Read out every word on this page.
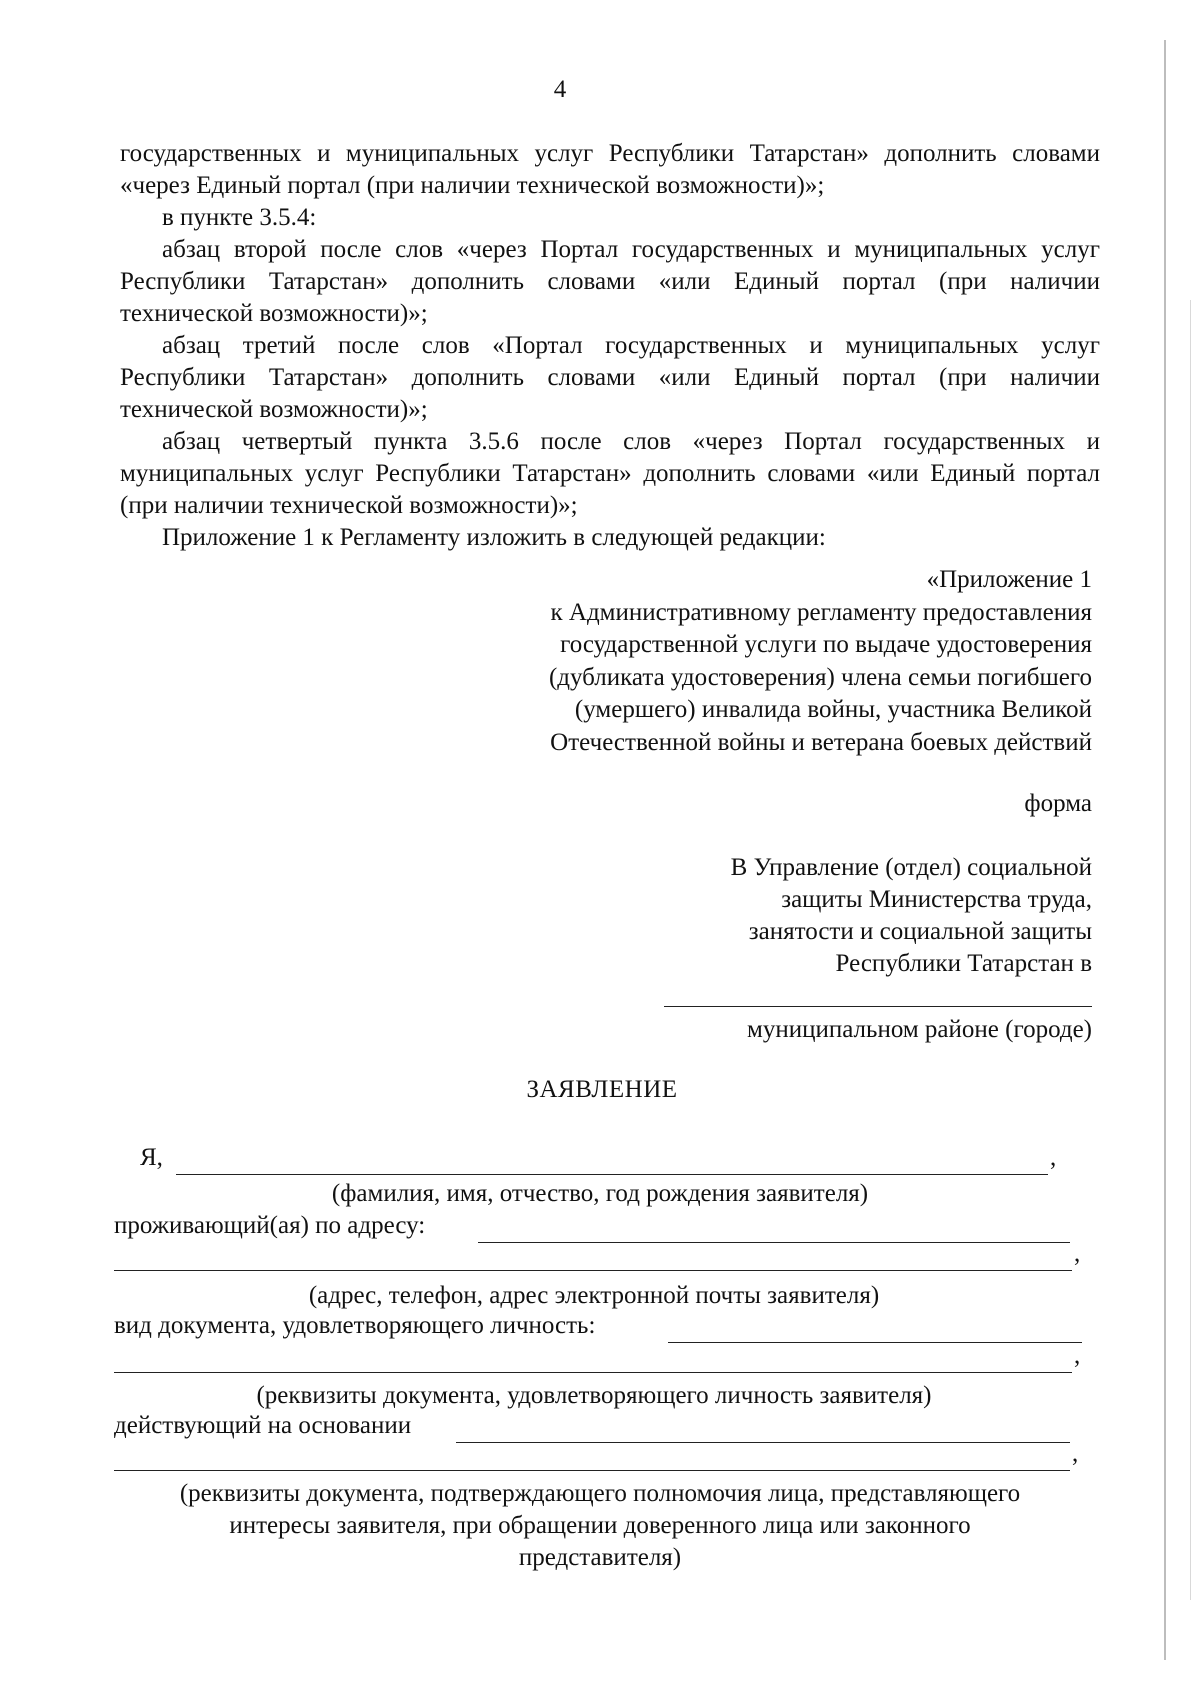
4

государственных и муниципальных услуг Республики Татарстан» дополнить словами «через Единый портал (при наличии технической возможности)»;

в пункте 3.5.4:

абзац второй после слов «через Портал государственных и муниципальных услуг Республики Татарстан» дополнить словами «или Единый портал (при наличии технической возможности)»;

абзац третий после слов «Портал государственных и муниципальных услуг Республики Татарстан» дополнить словами «или Единый портал (при наличии технической возможности)»;

абзац четвертый пункта 3.5.6 после слов «через Портал государственных и муниципальных услуг Республики Татарстан» дополнить словами «или Единый портал (при наличии технической возможности)»;

Приложение 1 к Регламенту изложить в следующей редакции:

«Приложение 1
к Административному регламенту предоставления
государственной услуги по выдаче удостоверения
(дубликата удостоверения) члена семьи погибшего
(умершего) инвалида войны, участника Великой
Отечественной войны и ветерана боевых действий
форма
В Управление (отдел) социальной
защиты Министерства труда,
занятости и социальной защиты
Республики Татарстан в
муниципальном районе (городе)
ЗАЯВЛЕНИЕ
Я,	,
(фамилия, имя, отчество, год рождения заявителя)
проживающий(ая) по адресу:
,
(адрес, телефон, адрес электронной почты заявителя)
вид документа, удовлетворяющего личность:
,
(реквизиты документа, удовлетворяющего личность заявителя)
действующий на основании
,
(реквизиты документа, подтверждающего полномочия лица, представляющего
интересы заявителя, при обращении доверенного лица или законного
представителя)
